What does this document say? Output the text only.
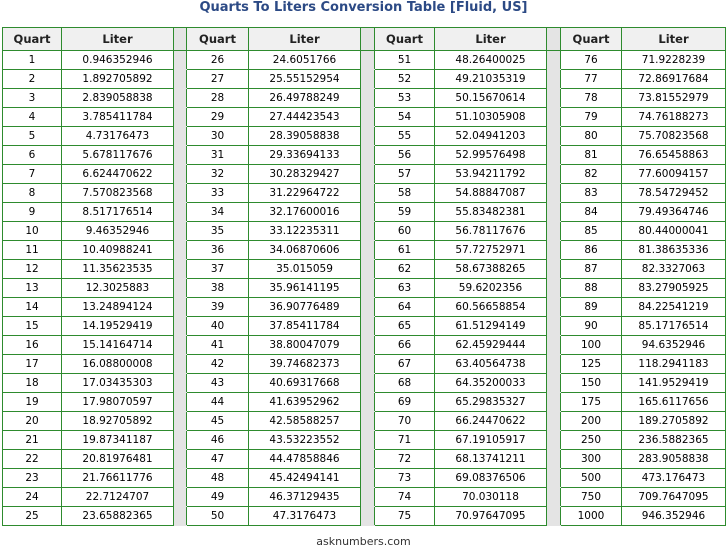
Quarts To Liters Conversion Table [Fluid, US]
Quart	Liter		Quart	Liter		Quart	Liter		Quart	Liter
1	0.946352946		26	24.6051766		51	48.26400025		76	71.9228239
2	1.892705892		27	25.55152954		52	49.21035319		77	72.86917684
3	2.839058838		28	26.49788249		53	50.15670614		78	73.81552979
4	3.785411784		29	27.44423543		54	51.10305908		79	74.76188273
5	4.73176473		30	28.39058838		55	52.04941203		80	75.70823568
6	5.678117676		31	29.33694133		56	52.99576498		81	76.65458863
7	6.624470622		32	30.28329427		57	53.94211792		82	77.60094157
8	7.570823568		33	31.22964722		58	54.88847087		83	78.54729452
9	8.517176514		34	32.17600016		59	55.83482381		84	79.49364746
10	9.46352946		35	33.12235311		60	56.78117676		85	80.44000041
11	10.40988241		36	34.06870606		61	57.72752971		86	81.38635336
12	11.35623535		37	35.015059		62	58.67388265		87	82.3327063
13	12.3025883		38	35.96141195		63	59.6202356		88	83.27905925
14	13.24894124		39	36.90776489		64	60.56658854		89	84.22541219
15	14.19529419		40	37.85411784		65	61.51294149		90	85.17176514
16	15.14164714		41	38.80047079		66	62.45929444		100	94.6352946
17	16.08800008		42	39.74682373		67	63.40564738		125	118.2941183
18	17.03435303		43	40.69317668		68	64.35200033		150	141.9529419
19	17.98070597		44	41.63952962		69	65.29835327		175	165.6117656
20	18.92705892		45	42.58588257		70	66.24470622		200	189.2705892
21	19.87341187		46	43.53223552		71	67.19105917		250	236.5882365
22	20.81976481		47	44.47858846		72	68.13741211		300	283.9058838
23	21.76611776		48	45.42494141		73	69.08376506		500	473.176473
24	22.7124707		49	46.37129435		74	70.030118		750	709.7647095
25	23.65882365		50	47.3176473		75	70.97647095		1000	946.352946
asknumbers.com
